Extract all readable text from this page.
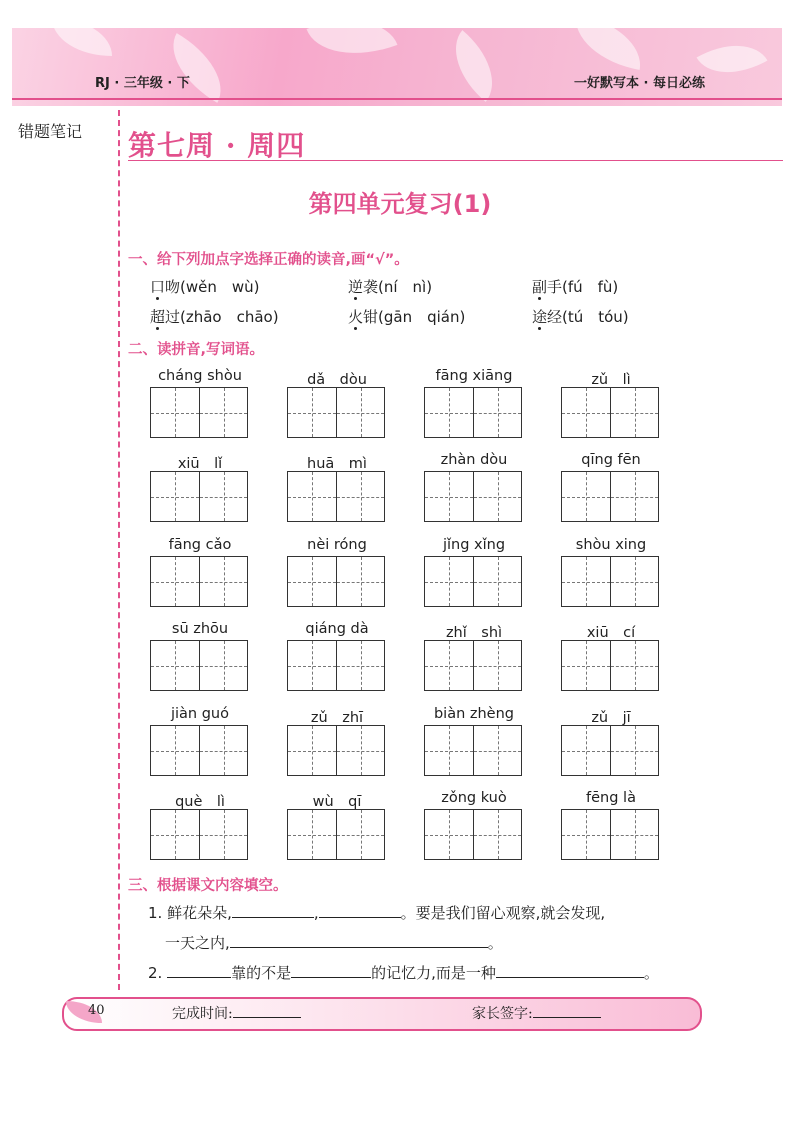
RJ · 三年级 · 下	一好默写本 · 每日必练
错题笔记 第七周 · 周四
第四单元复习(1)
一、给下列加点字选择正确的读音,画“√”。
口吻(wěn　wù)	逆袭(ní　nì)	副手(fú　fù)
超过(zhāo　chāo)	火钳(gān　qián)	途经(tú　tóu)
二、读拼音,写词语。
cháng shòu	dǎ　dòu	fāng xiāng	zǔ　lì
xiū　lǐ	huā　mì	zhàn dòu	qīng fēn
fāng cǎo	nèi róng	jǐng xǐng	shòu xing
sū zhōu	qiáng dà	zhǐ　shì	xiū　cí
jiàn guó	zǔ　zhī	biàn zhèng	zǔ　jī
què　lì	wù　qī	zǒng kuò	fēng là
三、根据课文内容填空。
1. 鲜花朵朵,	,	。要是我们留心观察,就会发现,
一天之内,	。
2.	靠的不是	的记忆力,而是一种	。
40	完成时间:	家长签字:
